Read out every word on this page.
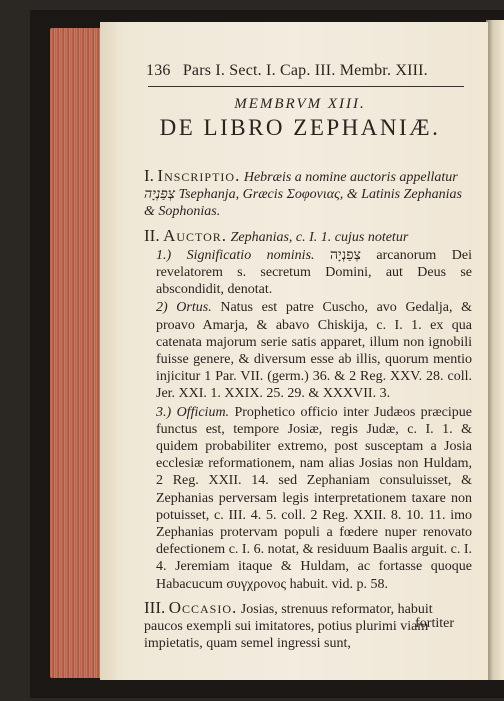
136 Pars I. Sect. I. Cap. III. Membr. XIII.
MEMBRVM XIII.
DE LIBRO ZEPHANIÆ.
I. Inscriptio. Hebræis a nomine auctoris appellatur צְפַנְיָה Tsephanja, Græcis Σοφονιας, & Latinis Zephanias & Sophonias.
II. Auctor. Zephanias, c. I. 1. cujus notetur
1.) Significatio nominis. צְפַנְיָה arcanorum Dei revelatorem s. secretum Domini, aut Deus se abscondidit, denotat.
2) Ortus. Natus est patre Cuscho, avo Gedalja, & proavo Amarja, & abavo Chiskija, c. I. 1. ex qua catenata majorum serie satis apparet, illum non ignobili fuisse genere, & diversum esse ab illis, quorum mentio injicitur 1 Par. VII. (germ.) 36. & 2 Reg. XXV. 28. coll. Jer. XXI. 1. XXIX. 25. 29. & XXXVII. 3.
3.) Officium. Prophetico officio inter Judæos præcipue functus est, tempore Josiæ, regis Judæ, c. I. 1. & quidem probabiliter extremo, post susceptam a Josia ecclesiæ reformationem, nam alias Josias non Huldam, 2 Reg. XXII. 14. sed Zephaniam consuluisset, & Zephanias perversam legis interpretationem taxare non potuisset, c. III. 4. 5. coll. 2 Reg. XXII. 8. 10. 11. imo Zephanias protervam populi a fœdere nuper renovato defectionem c. I. 6. notat, & residuum Baalis arguit. c. I. 4. Jeremiam itaque & Huldam, ac fortasse quoque Habacucum συγχρονος habuit. vid. p. 58.
III. Occasio. Josias, strenuus reformator, habuit paucos exempli sui imitatores, potius plurimi viam impietatis, quam semel ingressi sunt,
fortiter
